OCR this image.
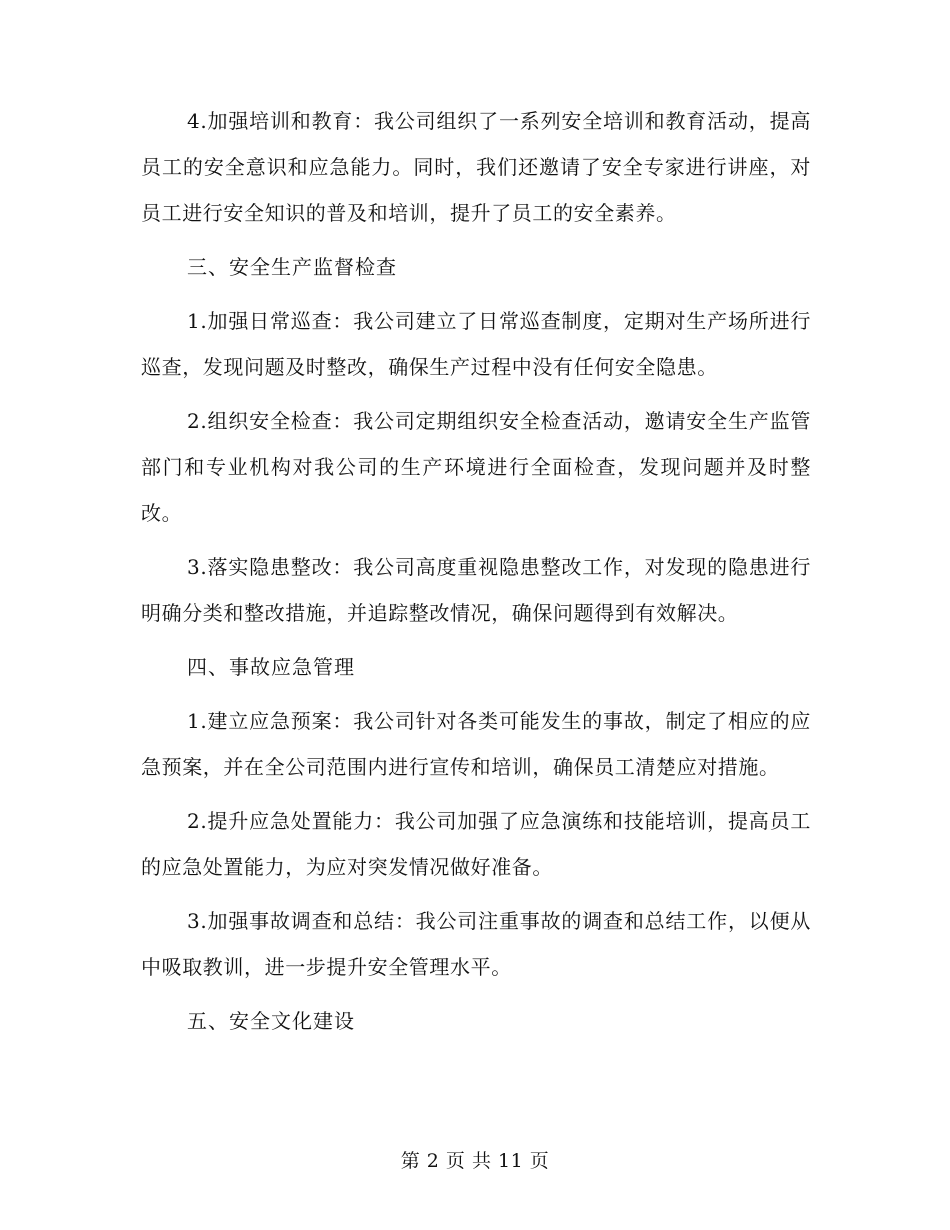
4.加强培训和教育：我公司组织了一系列安全培训和教育活动，提高员工的安全意识和应急能力。同时，我们还邀请了安全专家进行讲座，对员工进行安全知识的普及和培训，提升了员工的安全素养。

三、安全生产监督检查

1.加强日常巡查：我公司建立了日常巡查制度，定期对生产场所进行巡查，发现问题及时整改，确保生产过程中没有任何安全隐患。

2.组织安全检查：我公司定期组织安全检查活动，邀请安全生产监管部门和专业机构对我公司的生产环境进行全面检查，发现问题并及时整改。

3.落实隐患整改：我公司高度重视隐患整改工作，对发现的隐患进行明确分类和整改措施，并追踪整改情况，确保问题得到有效解决。

四、事故应急管理

1.建立应急预案：我公司针对各类可能发生的事故，制定了相应的应急预案，并在全公司范围内进行宣传和培训，确保员工清楚应对措施。

2.提升应急处置能力：我公司加强了应急演练和技能培训，提高员工的应急处置能力，为应对突发情况做好准备。

3.加强事故调查和总结：我公司注重事故的调查和总结工作，以便从中吸取教训，进一步提升安全管理水平。

五、安全文化建设

第 2 页 共 11 页
